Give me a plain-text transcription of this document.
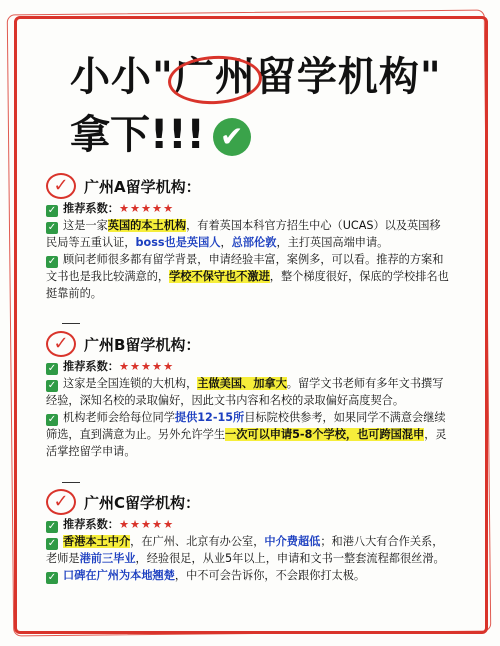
小小"广州留学机构"
拿下!!! ✔
✓	广州A留学机构：

✓ 推荐系数：★★★★★

✓ 这是一家英国的本土机构，有着英国本科官方招生中心（UCAS）以及英国移民局等五重认证，boss也是英国人，总部伦敦，主打英国高端申请。

✓ 顾问老师很多都有留学背景，申请经验丰富，案例多，可以看。推荐的方案和文书也是我比较满意的，学校不保守也不激进，整个梯度很好，保底的学校排名也挺靠前的。

✓	广州B留学机构：

✓ 推荐系数：★★★★★

✓ 这家是全国连锁的大机构，主做美国、加拿大。留学文书老师有多年文书撰写经验，深知名校的录取偏好，因此文书内容和名校的录取偏好高度契合。

✓ 机构老师会给每位同学提供12-15所目标院校供参考，如果同学不满意会继续筛选，直到满意为止。另外允许学生一次可以申请5-8个学校，也可跨国混申，灵活掌控留学申请。

✓	广州C留学机构：

✓ 推荐系数：★★★★★

✓ 香港本土中介，在广州、北京有办公室，中介费超低；和港八大有合作关系，老师是港前三毕业，经验很足，从业5年以上，申请和文书一整套流程都很丝滑。

✓ 口碑在广州为本地翘楚，中不可会告诉你，不会跟你打太极。
